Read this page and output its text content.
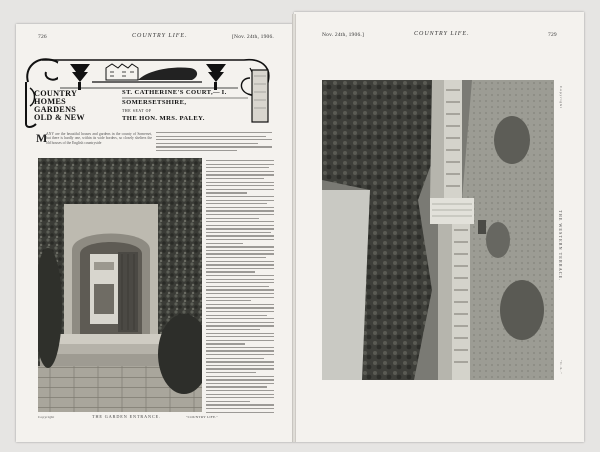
726	COUNTRY LIFE.	[Nov. 24th, 1906.	Nov. 24th, 1906.]	COUNTRY LIFE.	729
COUNTRY
HOMES
GARDENS
OLD & NEW
ST. CATHERINE'S COURT,—I.
SOMERSETSHIRE,
THE SEAT OF
THE HON. MRS. PALEY.
M
ANY are the beautiful houses and gardens in the county of Somerset, but there is hardly one, within its wide borders, so closely shelters the old houses of the English countryside
Copyright	THE GARDEN ENTRANCE.	"COUNTRY LIFE."
Copyright
THE WESTERN TERRACE.
"C.L."
